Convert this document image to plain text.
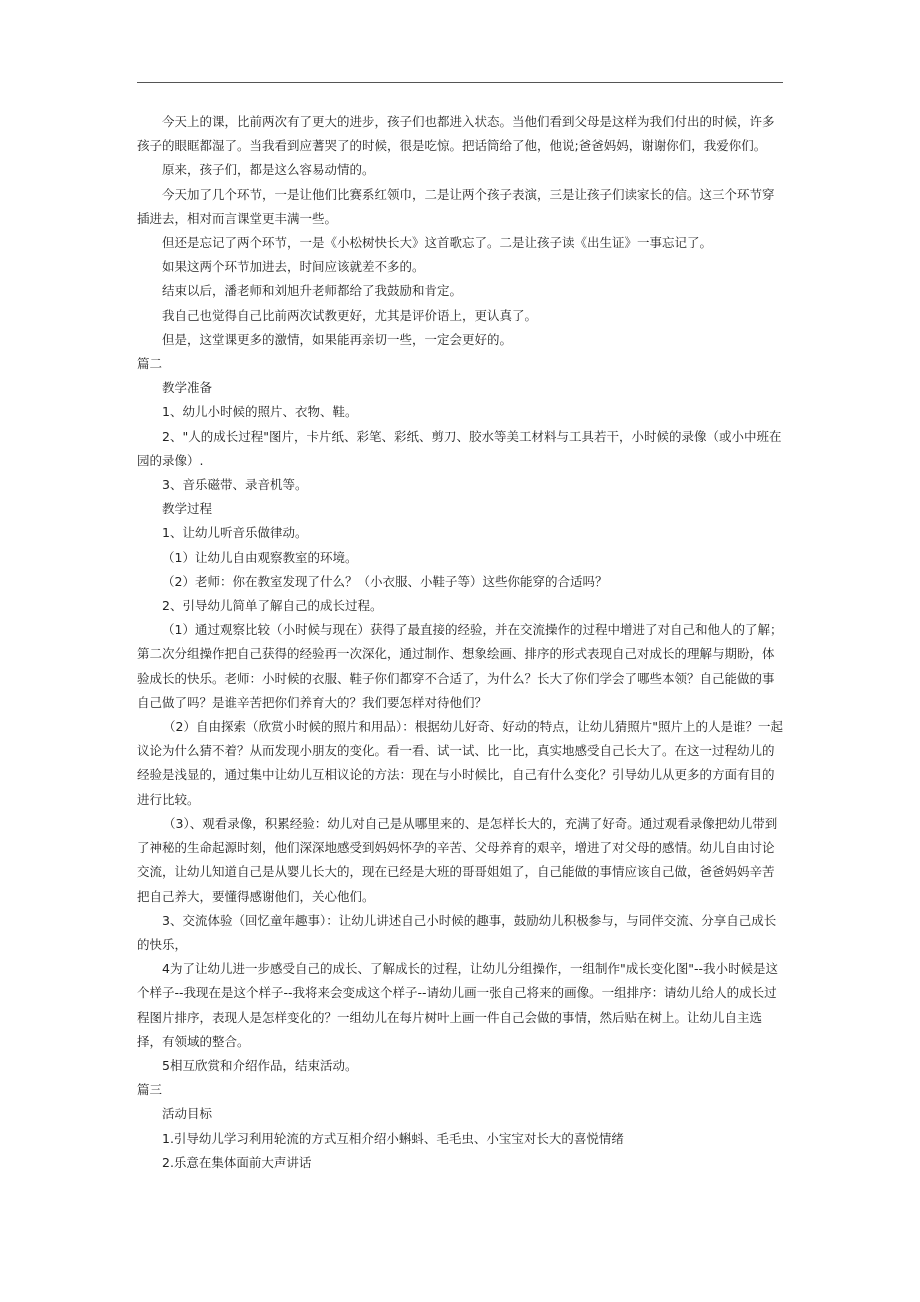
今天上的课，比前两次有了更大的进步，孩子们也都进入状态。当他们看到父母是这样为我们付出的时候，许多孩子的眼眶都湿了。当我看到应蓍哭了的时候，很是吃惊。把话筒给了他，他说;爸爸妈妈，谢谢你们，我爱你们。

原来，孩子们，都是这么容易动情的。

今天加了几个环节，一是让他们比赛系红领巾，二是让两个孩子表演，三是让孩子们读家长的信。这三个环节穿插进去，相对而言课堂更丰满一些。

但还是忘记了两个环节，一是《小松树快长大》这首歌忘了。二是让孩子读《出生证》一事忘记了。

如果这两个环节加进去，时间应该就差不多的。

结束以后，潘老师和刘旭升老师都给了我鼓励和肯定。

我自己也觉得自己比前两次试教更好，尤其是评价语上，更认真了。

但是，这堂课更多的激情，如果能再亲切一些，一定会更好的。

篇二

教学准备

1、幼儿小时候的照片、衣物、鞋。

2、"人的成长过程"图片，卡片纸、彩笔、彩纸、剪刀、胶水等美工材料与工具若干，小时候的录像（或小中班在园的录像）.

3、音乐磁带、录音机等。

教学过程

1、让幼儿听音乐做律动。

（1）让幼儿自由观察教室的环境。

（2）老师：你在教室发现了什么？（小衣服、小鞋子等）这些你能穿的合适吗？

2、引导幼儿简单了解自己的成长过程。

（1）通过观察比较（小时候与现在）获得了最直接的经验，并在交流操作的过程中增进了对自己和他人的了解；第二次分组操作把自己获得的经验再一次深化，通过制作、想象绘画、排序的形式表现自己对成长的理解与期盼，体验成长的快乐。老师：小时候的衣服、鞋子你们都穿不合适了，为什么？长大了你们学会了哪些本领？自己能做的事自己做了吗？是谁辛苦把你们养育大的？我们要怎样对待他们？

（2）自由探索（欣赏小时候的照片和用品）：根据幼儿好奇、好动的特点，让幼儿猜照片"照片上的人是谁？一起议论为什么猜不着？从而发现小朋友的变化。看一看、试一试、比一比，真实地感受自己长大了。在这一过程幼儿的经验是浅显的，通过集中让幼儿互相议论的方法：现在与小时候比，自己有什么变化？引导幼儿从更多的方面有目的进行比较。

（3）、观看录像，积累经验：幼儿对自己是从哪里来的、是怎样长大的，充满了好奇。通过观看录像把幼儿带到了神秘的生命起源时刻，他们深深地感受到妈妈怀孕的辛苦、父母养育的艰辛，增进了对父母的感情。幼儿自由讨论交流，让幼儿知道自己是从婴儿长大的，现在已经是大班的哥哥姐姐了，自己能做的事情应该自己做，爸爸妈妈辛苦把自己养大，要懂得感谢他们，关心他们。

3、交流体验（回忆童年趣事）：让幼儿讲述自己小时候的趣事，鼓励幼儿积极参与，与同伴交流、分享自己成长的快乐，

4为了让幼儿进一步感受自己的成长、了解成长的过程，让幼儿分组操作，一组制作"成长变化图"--我小时候是这个样子--我现在是这个样子--我将来会变成这个样子--请幼儿画一张自己将来的画像。一组排序：请幼儿给人的成长过程图片排序，表现人是怎样变化的？一组幼儿在每片树叶上画一件自己会做的事情，然后贴在树上。让幼儿自主选择，有领域的整合。

5相互欣赏和介绍作品，结束活动。

篇三

活动目标

1.引导幼儿学习利用轮流的方式互相介绍小蝌蚪、毛毛虫、小宝宝对长大的喜悦情绪

2.乐意在集体面前大声讲话
